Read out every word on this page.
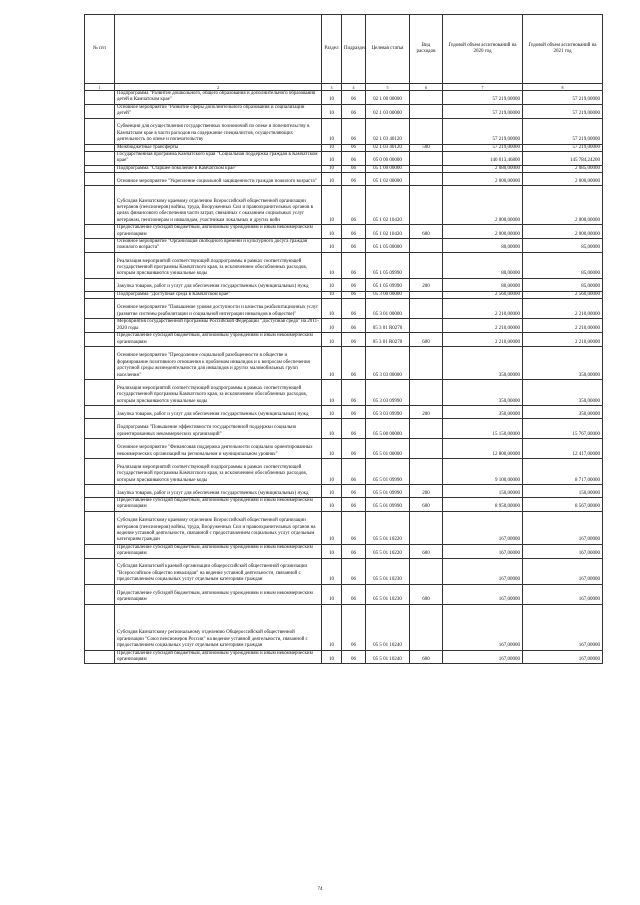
№ п/п		Раздел	Подраздел	Целевая статья	Вид расходов	Годовой объем ассигнований на 2020 год	Годовой объем ассигнований на 2021 год
1	2	3	4	5	6	7	8
	Подпрограмма "Развитие дошкольного, общего образования и дополнительного образования детей в Камчатском крае"	10	06	02 1 00 00000		57 219,00000	57 219,00000
	Основное мероприятие "Развитие сферы дополнительного образования и социализации детей"	10	06	02 1 03 00000		57 219,00000	57 219,00000
	Субвенции для осуществления государственных полномочий по опеке и попечительству в Камчатском крае в части расходов на содержание специалистов, осуществляющих деятельность по опеке и попечительству	10	06	02 1 03 40120		57 219,00000	57 219,00000
	Межбюджетные трансферты	10	06	02 1 03 40120	500	57 219,00000	57 219,00000
	Государственная программа Камчатского края "Социальная поддержка граждан в Камчатском крае"	10	06	05 0 00 00000		146 013,46800	145 784,24200
	Подпрограмма "Старшее поколение в Камчатском крае"	10	06	05 1 00 00000		2 080,00000	2 085,00000
	Основное мероприятие "Укрепление социальной защищенности граждан пожилого возраста"	10	06	05 1 02 00000		2 000,00000	2 000,00000
	Субсидия Камчатскому краевому отделению Всероссийской общественной организации ветеранов (пенсионеров) войны, труда, Вооруженных Сил и правоохранительных органов в целях финансового обеспечения части затрат, связанных с оказанием социальных услуг ветеранам, пенсионерам и инвалидам, участникам локальных и других войн	10	06	05 1 02 10420		2 000,00000	2 000,00000
	Предоставление субсидий бюджетным, автономным учреждениям и иным некоммерческим организациям	10	06	05 1 02 10420	600	2 000,00000	2 000,00000
	Основное мероприятие "Организация свободного времени и культурного досуга граждан пожилого возраста"	10	06	05 1 05 00000		80,00000	85,00000
	Реализация мероприятий соответствующей подпрограммы в рамках соответствующей государственной программы Камчатского края, за исключением обособленных расходов, которым присваиваются уникальные коды	10	06	05 1 05 09990		80,00000	85,00000
	Закупка товаров, работ и услуг для обеспечения государственных (муниципальных) нужд	10	06	05 1 05 09990	200	80,00000	85,00000
	Подпрограмма "Доступная среда в Камчатском крае"	10	06	05 3 00 00000		2 560,00000	2 560,00000
	Основное мероприятие "Повышение уровня доступности и качества реабилитационных услуг (развитие системы реабилитации и социальной интеграции инвалидов в обществе)"	10	06	05 3 01 00000		2 210,00000	2 210,00000
	Мероприятия государственной программы Российской Федерации "Доступная среда" на 2011-2020 годы	10	06	05 3 01 R0270		2 210,00000	2 210,00000
	Предоставление субсидий бюджетным, автономным учреждениям и иным некоммерческим организациям	10	06	05 3 01 R0270	600	2 210,00000	2 210,00000
	Основное мероприятие "Преодоление социальной разобщенности в обществе и формирование позитивного отношения к проблемам инвалидов и к вопросам обеспечения доступной среды жизнедеятельности для инвалидов и других маломобильных групп населения"	10	06	05 3 03 00000		350,00000	350,00000
	Реализация мероприятий соответствующей подпрограммы в рамках соответствующей государственной программы Камчатского края, за исключением обособленных расходов, которым присваиваются уникальные коды	10	06	05 3 03 09990		350,00000	350,00000
	Закупка товаров, работ и услуг для обеспечения государственных (муниципальных) нужд	10	06	05 3 03 09990	200	350,00000	350,00000
	Подпрограмма "Повышение эффективности государственной поддержки социально ориентированных некоммерческих организаций"	10	06	05 5 00 00000		15 150,00000	15 767,00000
	Основное мероприятие "Финансовая поддержка деятельности социально ориентированных некоммерческих организаций на региональном и муниципальном уровнях"	10	06	05 5 01 00000		12 800,00000	12 417,00000
	Реализация мероприятий соответствующей подпрограммы в рамках соответствующей государственной программы Камчатского края, за исключением обособленных расходов, которым присваиваются уникальные коды	10	06	05 5 01 09990		9 100,00000	8 717,00000
	Закупка товаров, работ и услуг для обеспечения государственных (муниципальных) нужд	10	06	05 5 01 09990	200	150,00000	150,00000
	Предоставление субсидий бюджетным, автономным учреждениям и иным некоммерческим организациям	10	06	05 5 01 09990	600	8 950,00000	8 567,00000
	Субсидия Камчатскому краевому отделению Всероссийской общественной организации ветеранов (пенсионеров) войны, труда, Вооруженных Сил и правоохранительных органов на ведение уставной деятельности, связанной с предоставлением социальных услуг отдельным категориям граждан	10	06	05 5 01 10220		167,00000	167,00000
	Предоставление субсидий бюджетным, автономным учреждениям и иным некоммерческим организациям	10	06	05 5 01 10220	600	167,00000	167,00000
	Субсидия Камчатской краевой организации общероссийской общественной организации "Всероссийское общество инвалидов" на ведение уставной деятельности, связанной с предоставлением социальных услуг отдельным категориям граждан	10	06	05 5 01 10230		167,00000	167,00000
	Предоставление субсидий бюджетным, автономным учреждениям и иным некоммерческим организациям	10	06	05 5 01 10230	600	167,00000	167,00000
	Субсидия Камчатскому региональному отделению Общероссийской общественной организации "Союз пенсионеров России" на ведение уставной деятельности, связанной с предоставлением социальных услуг отдельным категориям граждан	10	06	05 5 01 10240		167,00000	167,00000
	Предоставление субсидий бюджетным, автономным учреждениям и иным некоммерческим организациям	10	06	05 5 01 10240	600	167,00000	167,00000
74
